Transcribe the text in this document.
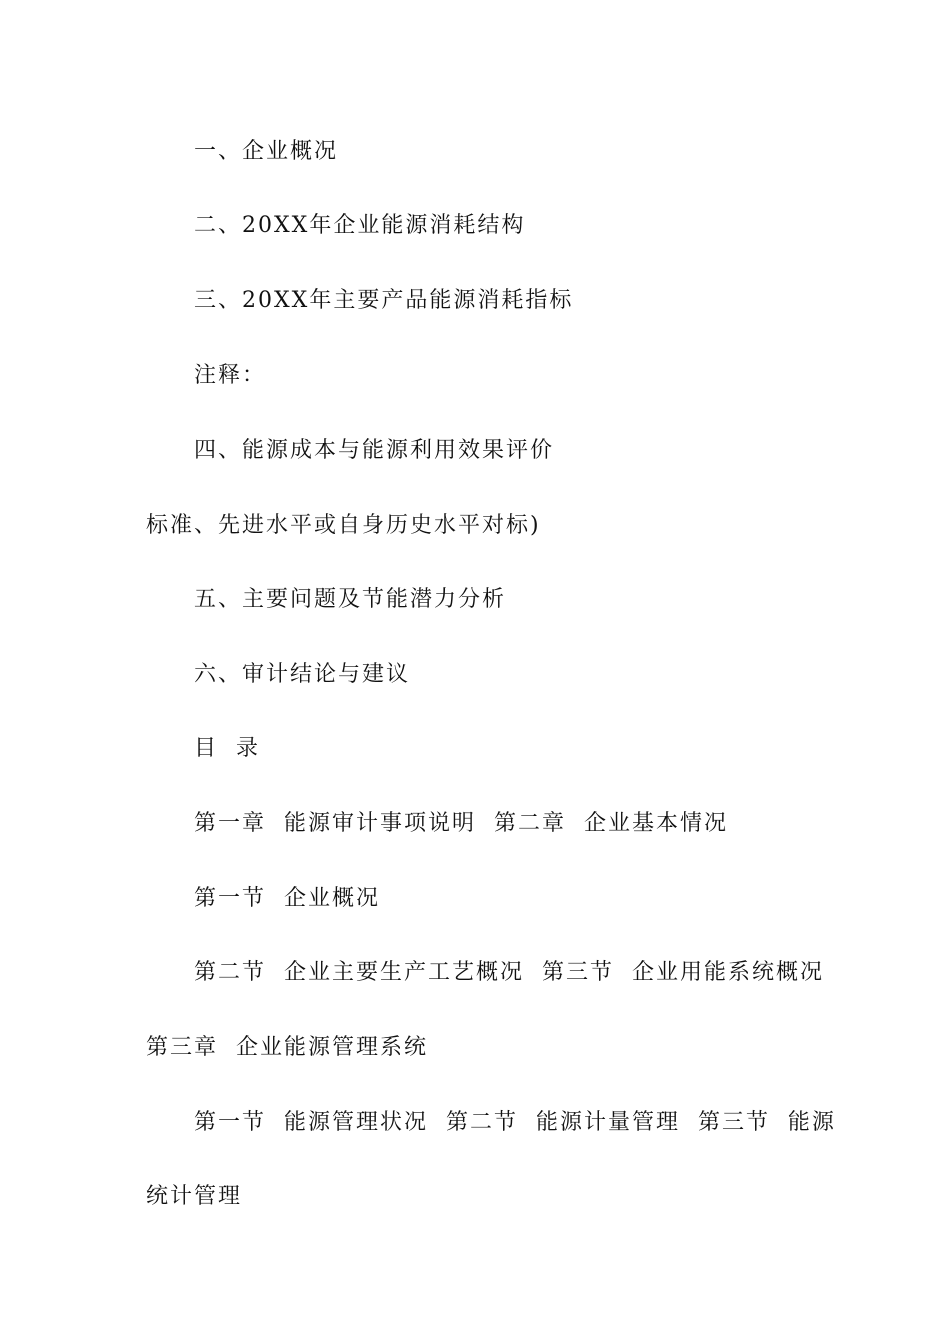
一、企业概况
二、20XX年企业能源消耗结构
三、20XX年主要产品能源消耗指标
注释：
四、能源成本与能源利用效果评价
标准、先进水平或自身历史水平对标)
五、主要问题及节能潜力分析
六、审计结论与建议
目  录
第一章  能源审计事项说明  第二章  企业基本情况
第一节  企业概况
第二节  企业主要生产工艺概况  第三节  企业用能系统概况
第三章  企业能源管理系统
第一节  能源管理状况  第二节  能源计量管理  第三节  能源
统计管理
